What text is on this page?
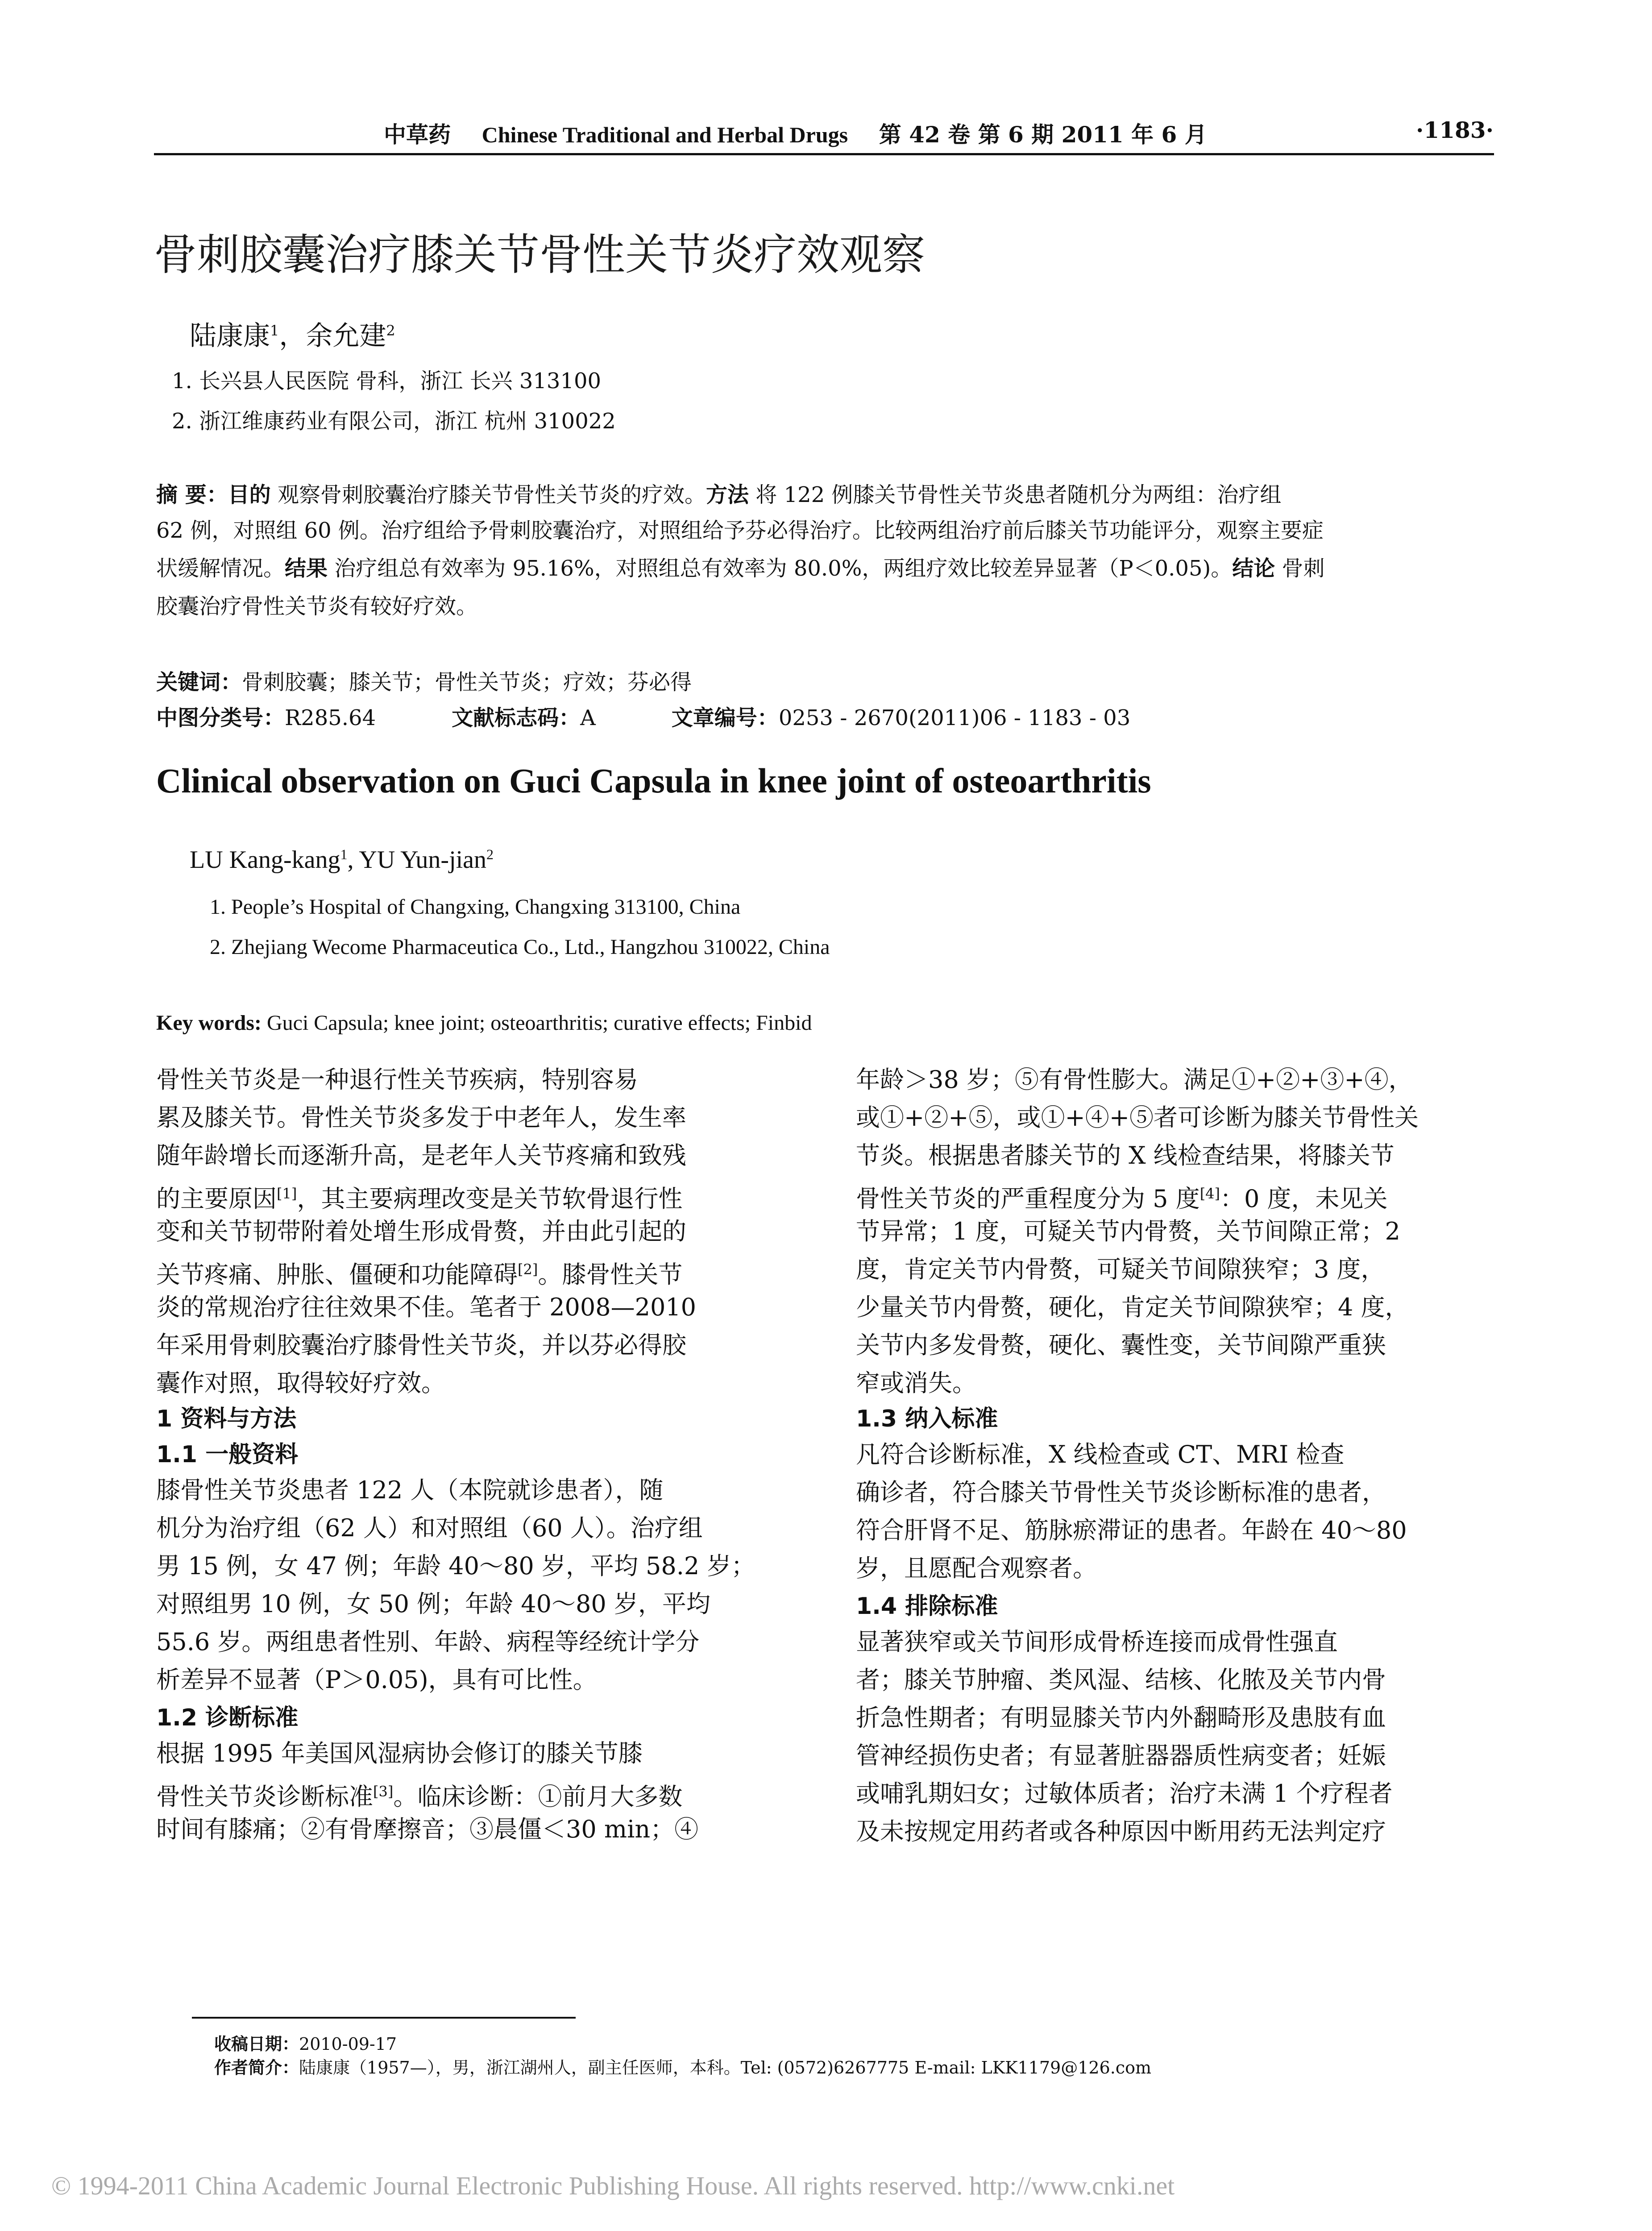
中草药 Chinese Traditional and Herbal Drugs 第 42 卷 第 6 期 2011 年 6 月	·1183·
骨刺胶囊治疗膝关节骨性关节炎疗效观察
陆康康$^1$，余允建$^2$
1. 长兴县人民医院 骨科，浙江 长兴 313100
2. 浙江维康药业有限公司，浙江 杭州 310022
摘 要：目的 观察骨刺胶囊治疗膝关节骨性关节炎的疗效。方法 将 122 例膝关节骨性关节炎患者随机分为两组：治疗组
62 例，对照组 60 例。治疗组给予骨刺胶囊治疗，对照组给予芬必得治疗。比较两组治疗前后膝关节功能评分，观察主要症
状缓解情况。结果 治疗组总有效率为 95.16%，对照组总有效率为 80.0%，两组疗效比较差异显著（P＜0.05)。结论 骨刺
胶囊治疗骨性关节炎有较好疗效。
关键词：骨刺胶囊；膝关节；骨性关节炎；疗效；芬必得
中图分类号：R285.64	文献标志码：A	文章编号：0253 - 2670(2011)06 - 1183 - 03
Clinical observation on Guci Capsula in knee joint of osteoarthritis
LU Kang-kang$^1$, YU Yun-jian$^2$
1. People’s Hospital of Changxing, Changxing 313100, China
2. Zhejiang Wecome Pharmaceutica Co., Ltd., Hangzhou 310022, China
Key words: Guci Capsula; knee joint; osteoarthritis; curative effects; Finbid
骨性关节炎是一种退行性关节疾病，特别容易
累及膝关节。骨性关节炎多发于中老年人，发生率
随年龄增长而逐渐升高，是老年人关节疼痛和致残
的主要原因[1]，其主要病理改变是关节软骨退行性
变和关节韧带附着处增生形成骨赘，并由此引起的
关节疼痛、肿胀、僵硬和功能障碍[2]。膝骨性关节
炎的常规治疗往往效果不佳。笔者于 2008—2010
年采用骨刺胶囊治疗膝骨性关节炎，并以芬必得胶
囊作对照，取得较好疗效。
1 资料与方法
1.1 一般资料
膝骨性关节炎患者 122 人（本院就诊患者），随
机分为治疗组（62 人）和对照组（60 人）。治疗组
男 15 例，女 47 例；年龄 40～80 岁，平均 58.2 岁；
对照组男 10 例，女 50 例；年龄 40～80 岁，平均
55.6 岁。两组患者性别、年龄、病程等经统计学分
析差异不显著（P＞0.05)，具有可比性。
1.2 诊断标准
根据 1995 年美国风湿病协会修订的膝关节膝
骨性关节炎诊断标准[3]。临床诊断：①前月大多数
时间有膝痛；②有骨摩擦音；③晨僵＜30 min；④
年龄＞38 岁；⑤有骨性膨大。满足①+②+③+④，
或①+②+⑤，或①+④+⑤者可诊断为膝关节骨性关
节炎。根据患者膝关节的 X 线检查结果，将膝关节
骨性关节炎的严重程度分为 5 度[4]：0 度，未见关
节异常；1 度，可疑关节内骨赘，关节间隙正常；2
度，肯定关节内骨赘，可疑关节间隙狭窄；3 度，
少量关节内骨赘，硬化，肯定关节间隙狭窄；4 度，
关节内多发骨赘，硬化、囊性变，关节间隙严重狭
窄或消失。
1.3 纳入标准
凡符合诊断标准，X 线检查或 CT、MRI 检查
确诊者，符合膝关节骨性关节炎诊断标准的患者，
符合肝肾不足、筋脉瘀滞证的患者。年龄在 40～80
岁，且愿配合观察者。
1.4 排除标准
显著狭窄或关节间形成骨桥连接而成骨性强直
者；膝关节肿瘤、类风湿、结核、化脓及关节内骨
折急性期者；有明显膝关节内外翻畸形及患肢有血
管神经损伤史者；有显著脏器器质性病变者；妊娠
或哺乳期妇女；过敏体质者；治疗未满 1 个疗程者
及未按规定用药者或各种原因中断用药无法判定疗
收稿日期：2010-09-17
作者简介：陆康康（1957—），男，浙江湖州人，副主任医师，本科。Tel: (0572)6267775 E-mail: LKK1179@126.com
© 1994-2011 China Academic Journal Electronic Publishing House. All rights reserved. http://www.cnki.net
